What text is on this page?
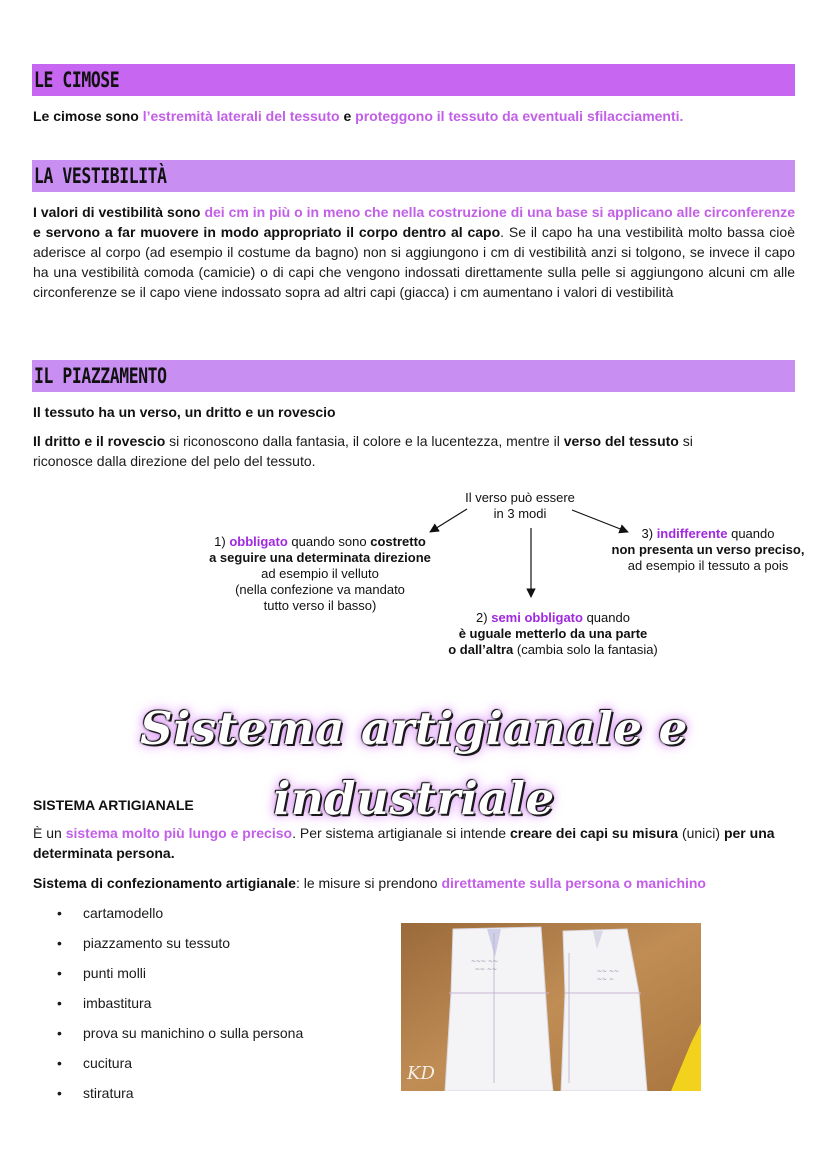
LE CIMOSE
Le cimose sono l’estremità laterali del tessuto e proteggono il tessuto da eventuali sfilacciamenti.
LA VESTIBILITÀ
I valori di vestibilità sono dei cm in più o in meno che nella costruzione di una base si applicano alle circonferenze e servono a far muovere in modo appropriato il corpo dentro al capo. Se il capo ha una vestibilità molto bassa cioè aderisce al corpo (ad esempio il costume da bagno) non si aggiungono i cm di vestibilità anzi si tolgono, se invece il capo ha una vestibilità comoda (camicie) o di capi che vengono indossati direttamente sulla pelle si aggiungono alcuni cm alle circonferenze se il capo viene indossato sopra ad altri capi (giacca) i cm aumentano i valori di vestibilità
IL PIAZZAMENTO
Il tessuto ha un verso, un dritto e un rovescio
Il dritto e il rovescio si riconoscono dalla fantasia, il colore e la lucentezza, mentre il verso del tessuto si riconosce dalla direzione del pelo del tessuto.
Il verso può essere
in 3 modi
1) obbligato quando sono costretto
a seguire una determinata direzione
ad esempio il velluto
(nella confezione va mandato
tutto verso il basso)
3) indifferente quando
non presenta un verso preciso,
ad esempio il tessuto a pois
2) semi obbligato quando
è uguale metterlo da una parte
o dall’altra (cambia solo la fantasia)
Sistema artigianale e industriale
SISTEMA ARTIGIANALE
È un sistema molto più lungo e preciso. Per sistema artigianale si intende creare dei capi su misura (unici) per una determinata persona.
Sistema di confezionamento artigianale: le misure si prendono direttamente sulla persona o manichino
• cartamodello
• piazzamento su tessuto
• punti molli
• imbastitura
• prova su manichino o sulla persona
• cucitura
• stiratura
~~~ ~~
~~ ~~	~~ ~~
~~ ~
KD
